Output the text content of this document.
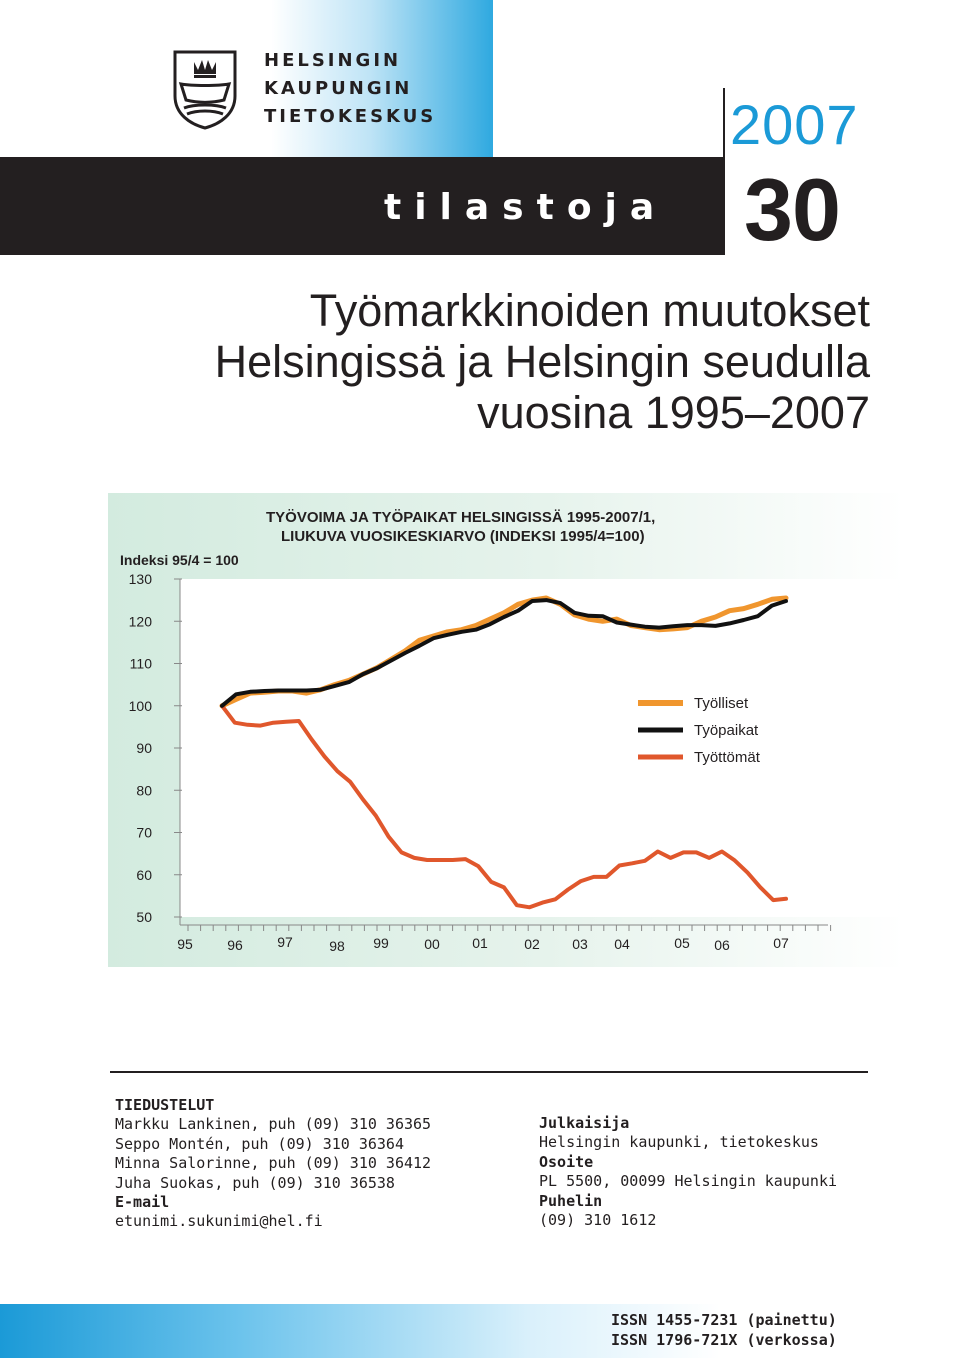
HELSINGIN
KAUPUNGIN
TIETOKESKUS	2007
30
tilastoja
Työmarkkinoiden muutokset
Helsingissä ja Helsingin seudulla
vuosina 1995–2007
TYÖVOIMA JA TYÖPAIKAT HELSINGISSÄ 1995-2007/1,
LIUKUVA VUOSIKESKIARVO (INDEKSI 1995/4=100)
Indeksi 95/4 = 100
50
60
70
80
90
100
110
120
130
95 96 97	98 99	00 01	02 03 04	05 06	07
Työlliset
Työpaikat
Työttömät
TIEDUSTELUT
Markku Lankinen, puh (09) 310 36365
Seppo Montén, puh (09) 310 36364
Minna Salorinne, puh (09) 310 36412
Juha Suokas, puh (09) 310 36538
E-mail
etunimi.sukunimi@hel.fi
Julkaisija
Helsingin kaupunki, tietokeskus
Osoite
PL 5500, 00099 Helsingin kaupunki
Puhelin
(09) 310 1612
ISSN 1455-7231 (painettu)
ISSN 1796-721X (verkossa)
